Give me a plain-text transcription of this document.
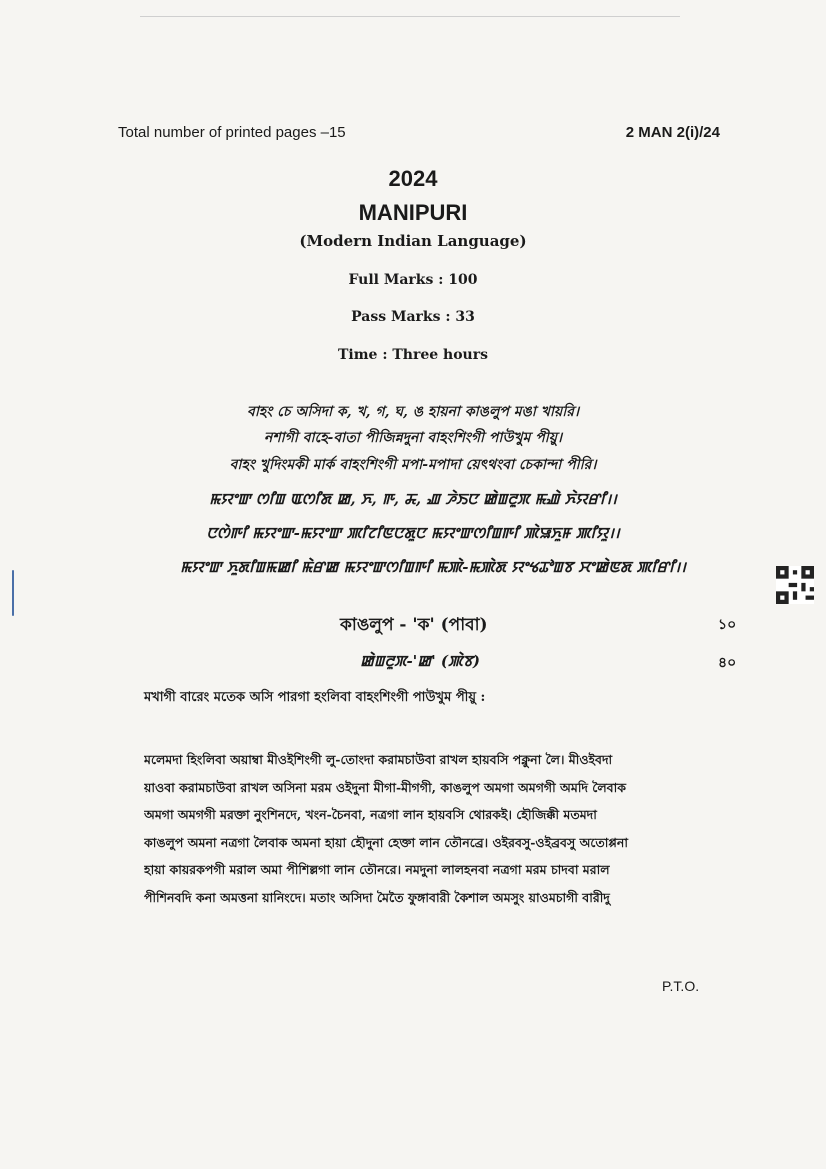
Total number of printed pages –15	2 MAN 2(i)/24
2024
MANIPURI
(Modern Indian Language)
Full Marks : 100
Pass Marks : 33
Time : Three hours
বাহং চে অসিদা ক, খ, গ, ঘ, ঙ হায়না কাঙলুপ মঙা খায়রি।
নশাগী বাহে-বাতা পীজিন্নদুনা বাহংশিংগী পাউখুম পীয়ু।
বাহং খুদিংমকী মার্ক বাহংশিংগী মপা-মপাদা য়েৎথংবা চেকান্দা পীরি।
ꯃꯌꯦꯛ ꯁꯤꯡ ꯑꯁꯤꯗ ꯀ, ꯈ, ꯒ, ꯘ, ꯉ ꯍꯥꯏꯅ ꯀꯥꯡꯂꯨꯞ ꯃꯉꯥ ꯈꯥꯌꯔꯤ।।
ꯅꯁꯥꯒꯤ ꯃꯌꯦꯛ-ꯃꯌꯦꯛ ꯄꯤꯖꯤꯟꯅꯗꯨꯅ ꯃꯌꯦꯛꯁꯤꯡꯒꯤ ꯄꯥꯎꯈꯨꯝ ꯄꯤꯌꯨ।।
ꯃꯌꯦꯛ ꯈꯨꯗꯤꯡꯃꯀꯤ ꯃꯥꯔꯀ ꯃꯌꯦꯛꯁꯤꯡꯒꯤ ꯃꯄꯥ-ꯃꯄꯥꯗ ꯌꯦꯠꯊꯣꯡꯕ ꯆꯦꯀꯥꯟꯗ ꯄꯤꯔꯤ।।
কাঙলুপ - 'ক' (পাবা)	১০
ꯀꯥꯡꯂꯨꯞ-'ꯀ' (ꯄꯥꯕ)	৪০
মখাগী বারেং মতেক অসি পারগা হংলিবা বাহংশিংগী পাউখুম পীয়ু :
মলেমদা হিংলিবা অয়াম্বা মীওইশিংগী লু-তোংদা করামচাউবা রাখল হায়বসি পক্নুনা লৈ। মীওইবদা
য়াওবা করামচাউবা রাখল অসিনা মরম ওইদুনা মীগা-মীগগী, কাঙলুপ অমগা অমগগী অমদি লৈবাক
অমগা অমগগী মরক্তা নুংশিনদে, খংন-চৈনবা, নত্রগা লান হায়বসি থোরকই। হৌজিক্কী মতমদা
কাঙলুপ অমনা নত্রগা লৈবাক অমনা হায়া হৌদুনা হেক্তা লান তৌনব্রে। ওইরবসু-ওইব্রবসু অতোপ্পনা
হায়া কায়রকপগী মরাল অমা পীশিল্লগা লান তৌনরে। নমদুনা লালহনবা নত্রগা মরম চাদবা মরাল
পীশিনবদি কনা অমত্তনা য়ানিংদে। মতাং অসিদা মৈতৈ ফুঙ্গাবারী কৈশাল অমসুং য়াওমচাগী বারীদু
P.T.O.
